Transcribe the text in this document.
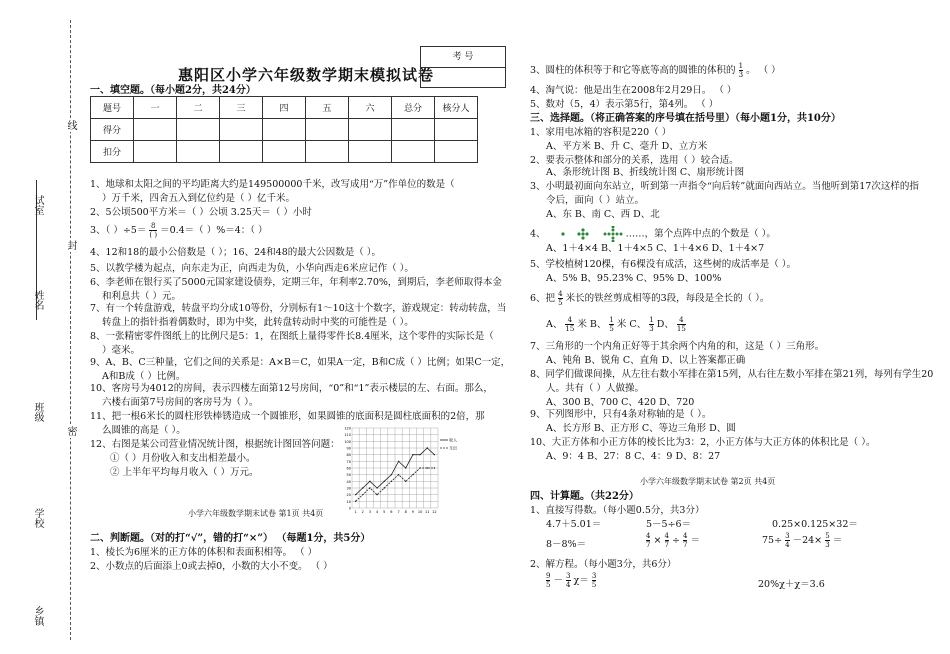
试室
姓名
班级
学校
乡镇
线
封
密
惠阳区小学六年级数学期末模拟试卷
考 号
一、填空题。（每小题2分，共24分）
题号	一	二	三	四	五	六	总分	核分人
得分								
扣分								
1、地球和太阳之间的平均距离大约是149500000千米，改写成用“万”作单位的数是（
）万千米，四舍五入到亿位约是（ ）亿千米。
2、5公顷500平方米＝（ ）公顷 3.25天＝（ ）小时
3、（ ）$\div 5= \frac{8}{( )} =0.4=$（ ）%＝4：（ ）
4、12和18的最小公倍数是（ ）；16、24和48的最大公因数是（ ）。
5、以教学楼为起点，向东走为正，向西走为负，小华向西走6米应记作（ ）。
6、李老师在银行买了5000元国家建设债券，定期三年，年利率2.70%，到期后，李老师取得本金
和利息共（ ）元。
7、有一个转盘游戏，转盘平均分成10等份，分别标有1～10这十个数字，游戏规定：转动转盘，当
转盘上的指针指着偶数时，即为中奖，此转盘转动时中奖的可能性是（ ）。
8、一张精密零件图纸上的比例尺是5：1，在图纸上量得零件长8.4厘米，这个零件的实际长是（
）毫米。
9、A、B、C三种量，它们之间的关系是：A×B＝C，如果A一定，B和C成（ ）比例；如果C一定，
A和B成（ ）比例。
10、客房号为4012的房间，表示四楼左面第12号房间，“0”和“1”表示楼层的左、右面。那么，
六楼右面第7号房间的客房号为（ ）。
11、把一根6米长的圆柱形铁棒锈造成一个圆锥形，如果圆锥的底面积是圆柱底面积的2倍，那
么圆锥的高是（ ）。
12、右图是某公司营业情况统计图，根据统计图回答问题：
①（ ）月份收入和支出相差最小。
② 上半年平均每月收入（ ）万元。
120
110
100
90
80
70
60
50
40
30
20
10
0
1 2 3 4 5 6 7 8 9 10 11 12
收入
支出
小学六年级数学期末试卷 第1页 共4页
二、判断题。（对的打“√”，错的打“×”） （每题1分，共5分）
1、棱长为6厘米的正方体的体积和表面积相等。 （ ）
2、小数点的后面添上0或去掉0，小数的大小不变。 （ ）
3、圆柱的体积等于和它等底等高的圆锥的体积的 $\frac{1}{3}$ 。 （ ）
4、淘气说：他是出生在2008年2月29日。 （ ）
5、数对（5，4）表示第5行，第4列。 （ ）
三、选择题。（将正确答案的序号填在括号里）（每小题1分，共10分）
1、家用电冰箱的容积是220（ ）
A、平方米 B、升 C、毫升 D、立方米
2、要表示整体和部分的关系，选用（ ）较合适。
A、条形统计图 B、折线统计图 C、扇形统计图
3、小明最初面向东站立，听到第一声指令“向后转”就面向西站立。当他听到第17次这样的指
令后，面向（ ）站立。
A、东 B、南 C、西 D、北
4、	……，第个点阵中点的个数是（ ）。
A、1＋4×4 B、1＋4×5 C、1＋4×6 D、1＋4×7
5、学校植树120棵，有6棵没有成活，这些树的成活率是（ ）。
A、5% B、95.23% C、95% D、100%
6、把 $\frac{4}{5}$ 米长的铁丝剪成相等的3段，每段是全长的（ ）。
A、 $\frac{4}{15}$ 米 B、 $\frac{1}{5}$ 米 C、 $\frac{1}{3}$ D、 $\frac{4}{15}$
7、三角形的一个内角正好等于其余两个内角的和，这是（ ）三角形。
A、钝角 B、锐角 C、直角 D、以上答案都正确
8、同学们做课间操，从左往右数小军排在第15列，从右往左数小军排在第21列，每列有学生20
人。共有（ ）人做操。
A、300 B、700 C、420 D、720
9、下列图形中，只有4条对称轴的是（ ）。
A、长方形 B、正方形 C、等边三角形 D、圆
10、大正方体和小正方体的棱长比为3：2，小正方体与大正方体的体积比是（ ）。
A、9：4 B、27：8 C、4：9 D、8：27
小学六年级数学期末试卷 第2页 共4页
四、计算题。（共22分）
1、直接写得数。（每小题0.5分，共3分）
4.7＋5.01＝	5－5÷6＝	0.25×0.125×32＝
8－8%＝	$\frac{4}{7} \times \frac{4}{7} \div \frac{4}{7}$ ＝	$75\div \frac{3}{4} -24\times \frac{5}{3}$ ＝
2、解方程。（每小题3分，共6分）
$\frac{9}{5} - \frac{3}{4} \chi= \frac{3}{5}$	20%χ＋χ＝3.6
